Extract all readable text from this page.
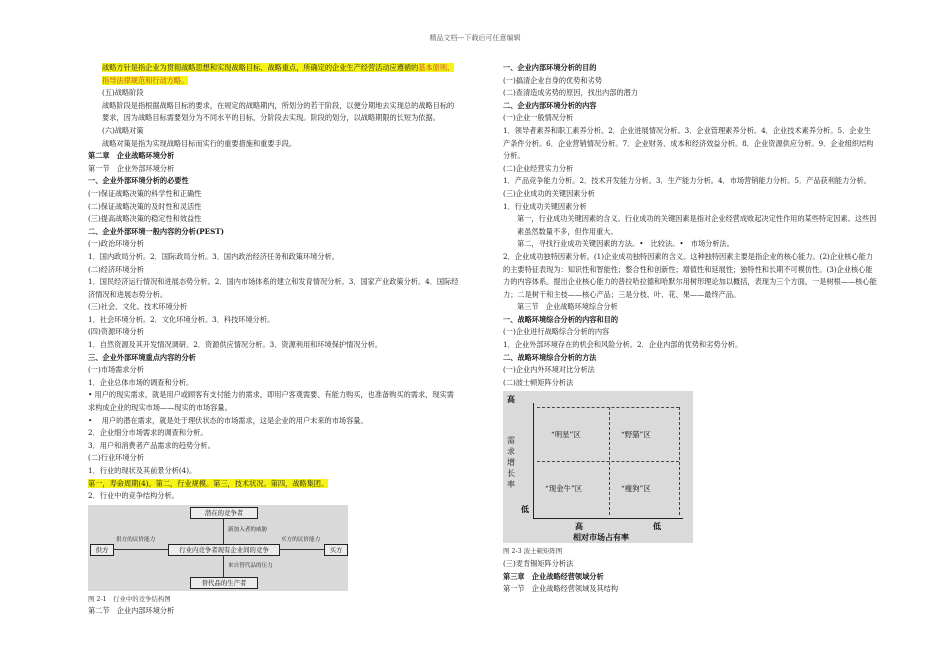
精品文档---下载后可任意编辑

战略方针是指企业为贯彻战略思想和实现战略目标、战略重点，所确定的企业生产经营活动应遵循的基本原则、指导法律规范和行动方略。

(五)战略阶段

战略阶段是指根据战略目标的要求，在规定的战略期内，所划分的若干阶段，以便分期地去实现总的战略目标的要求，因为战略目标需要划分为不同水平的目标，分阶段去实现。阶段的划分，以战略期限的长短为依据。

(六)战略对策

战略对策是指为实现战略目标而实行的重要措施和重要手段。

第二章　企业战略环境分析

第一节　企业外部环境分析

一、企业外部环境分析的必要性

(一)保证战略决策的科学性和正确性

(二)保证战略决策的及时性和灵活性

(三)提高战略决策的稳定性和效益性

二、企业外部环境一般内容的分析(PEST)

(一)政治环境分析

1．国内政局分析。2．国际政局分析。3．国内政治经济任务和政策环境分析。

(二)经济环境分析

1．国民经济运行情况和进展态势分析。2．国内市场体系的建立和发育情况分析。3．国家产业政策分析。4．国际经济情况和进展态势分析。

(三)社会、文化、技术环境分析

1．社会环境分析。2．文化环境分析。3．科技环境分析。

(四)资源环境分析

1．自然资源及其开发情况调研。2．资源供应情况分析。3．资源利用和环境保护情况分析。

三、企业外部环境重点内容的分析

(一)市场需求分析

1．企业总体市场的调查和分析。

• 用户的现实需求，就是用户或顾客有支付能力的需求，即用户客观需要、有能力购买，也准备购买的需求，现实需求构成企业的现实市场——现实的市场容量。

• 　用户的潜在需求，就是处于理伏状态的市场需求，这是企业的用户未来的市场容量。

2．企业细分市场需求的调查和分析。

3．用户和消费者产品需求的趋势分析。

(二)行业环境分析

1．行业的现状及其前景分析(4)。

第一，寿命周期(4)。第二，行业规模。第三，技术状况。第四，战略集团。

2．行业中的竞争结构分析。

潜在的竞争者
新加入者的威胁
供方
供方的议价能力
行业内竞争者现有企业间的竞争
买方的议价能力
买方
来自替代品的压力
替代品的生产者

图 2-1　行业中的竞争结构图

第二节　企业内部环境分析

一、企业内部环境分析的目的

(一)搞清企业自身的优势和劣势

(二)查清造成劣势的原因，找出内部的潜力

二、企业内部环境分析的内容

(一)企业一般情况分析

1．领导者素养和职工素养分析。2．企业进展情况分析。3．企业管理素养分析。4．企业技术素养分析。5．企业生产条件分析。6．企业营销情况分析。7．企业财务、成本和经济效益分析。8．企业资源供应分析。9．企业组织结构分析。

(二)企业经营实力分析

1．产品竞争能力分析。2．技术开发能力分析。3．生产能力分析。4．市场营销能力分析。5．产品获利能力分析。

(三)企业成功的关键因素分析

1．行业成功关键因素分析

第一，行业成功关键因素的含义。行业成功的关键因素是指对企业经营成败起决定性作用的某些特定因素。这些因素虽然数量不多，但作用重大。

第二，寻找行业成功关键因素的方法。•　比较法。•　市场分析法。

2．企业成功独特因素分析。(1)企业成功独特因素的含义。这种独特因素主要是指企业的核心能力。(2)企业核心能力的主要特征表现为：知识性和智能性；整合性和创新性；增值性和延展性；独特性和长期不可模仿性。(3)企业核心能力的内容体系。提出企业核心能力的普拉哈拉德和哈默尔用树形理论加以概括，表现为三个方面，一是树根——核心能力；二是树干和主枝——核心产品；三是分枝、叶、花、果——最终产品。

第三节　企业战略环境综合分析

一、战略环境综合分析的内容和目的

(一)企业进行战略综合分析的内容

1．企业外部环境存在的机会和风险分析。2．企业内部的优势和劣势分析。

二、战略环境综合分析的方法

(一)企业内外环境对比分析法

(二)波士顿矩阵分析法

高
需求增长率
低
“明星”区	“野猫”区
“现金牛”区	“瘦狗”区
高	低
相对市场占有率

图 2-3 波士顿矩阵图

(三)麦肯锡矩阵分析法

第三章　企业战略经营领域分析

第一节　企业战略经营领域及其结构
